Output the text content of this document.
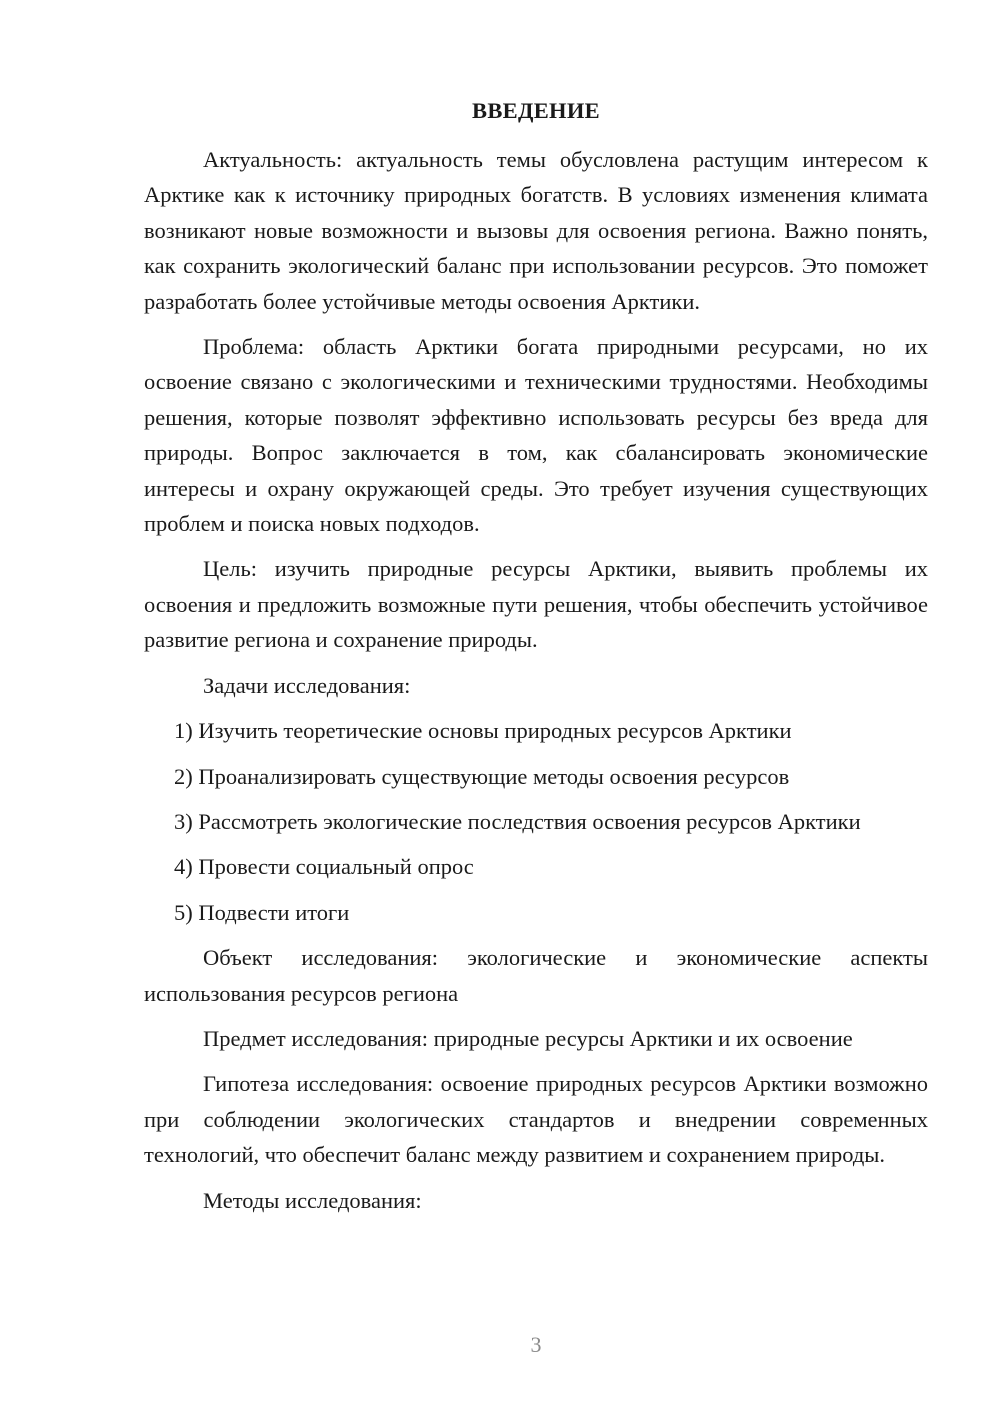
ВВЕДЕНИЕ

Актуальность: актуальность темы обусловлена растущим интересом к Арктике как к источнику природных богатств. В условиях изменения климата возникают новые возможности и вызовы для освоения региона. Важно понять, как сохранить экологический баланс при использовании ресурсов. Это поможет разработать более устойчивые методы освоения Арктики.

Проблема: область Арктики богата природными ресурсами, но их освоение связано с экологическими и техническими трудностями. Необходимы решения, которые позволят эффективно использовать ресурсы без вреда для природы. Вопрос заключается в том, как сбалансировать экономические интересы и охрану окружающей среды. Это требует изучения существующих проблем и поиска новых подходов.

Цель: изучить природные ресурсы Арктики, выявить проблемы их освоения и предложить возможные пути решения, чтобы обеспечить устойчивое развитие региона и сохранение природы.

Задачи исследования:

1) Изучить теоретические основы природных ресурсов Арктики
2) Проанализировать существующие методы освоения ресурсов
3) Рассмотреть экологические последствия освоения ресурсов Арктики
4) Провести социальный опрос
5) Подвести итоги

Объект исследования: экологические и экономические аспекты использования ресурсов региона

Предмет исследования: природные ресурсы Арктики и их освоение

Гипотеза исследования: освоение природных ресурсов Арктики возможно при соблюдении экологических стандартов и внедрении современных технологий, что обеспечит баланс между развитием и сохранением природы.

Методы исследования:

3
